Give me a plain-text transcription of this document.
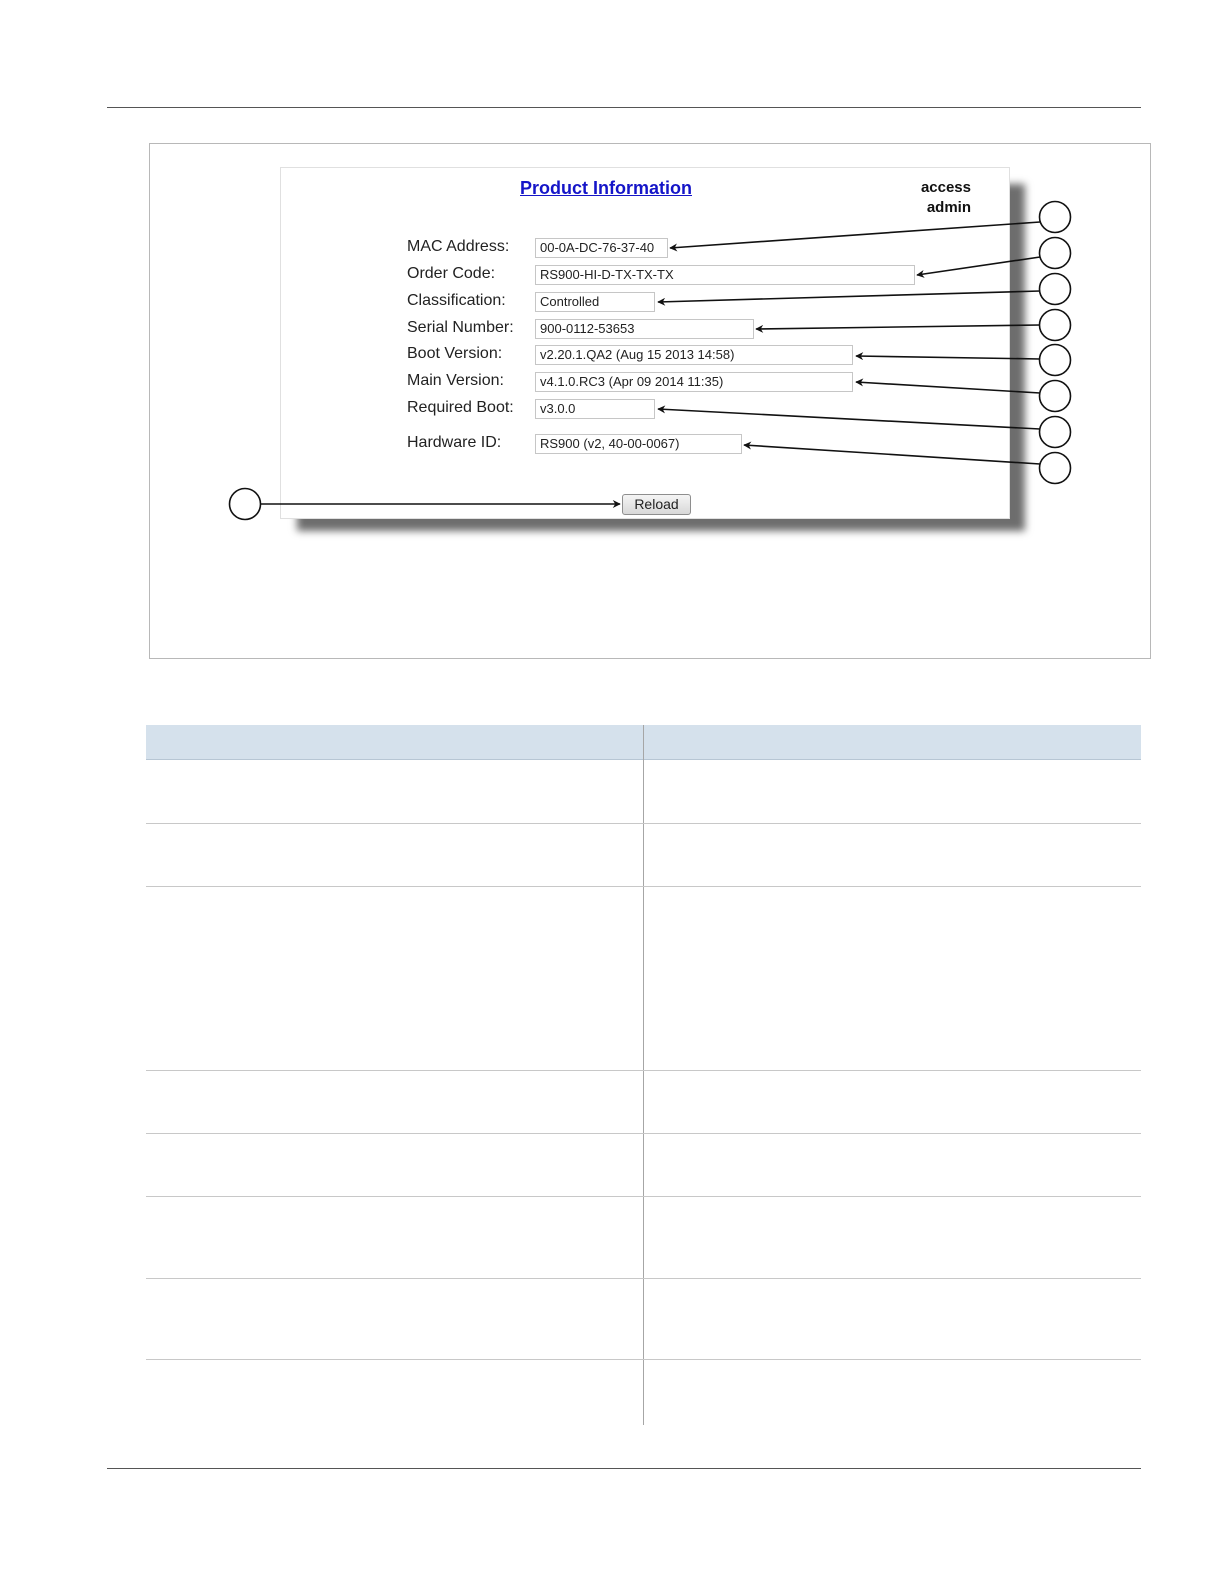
Product Information	access
admin
MAC Address:	00-0A-DC-76-37-40
Order Code:	RS900-HI-D-TX-TX-TX
Classification:	Controlled
Serial Number:	900-0112-53653
Boot Version:	v2.20.1.QA2 (Aug 15 2013 14:58)
Main Version:	v4.1.0.RC3 (Apr 09 2014 11:35)
Required Boot:	v3.0.0
Hardware ID:	RS900 (v2, 40-00-0067)
Reload
